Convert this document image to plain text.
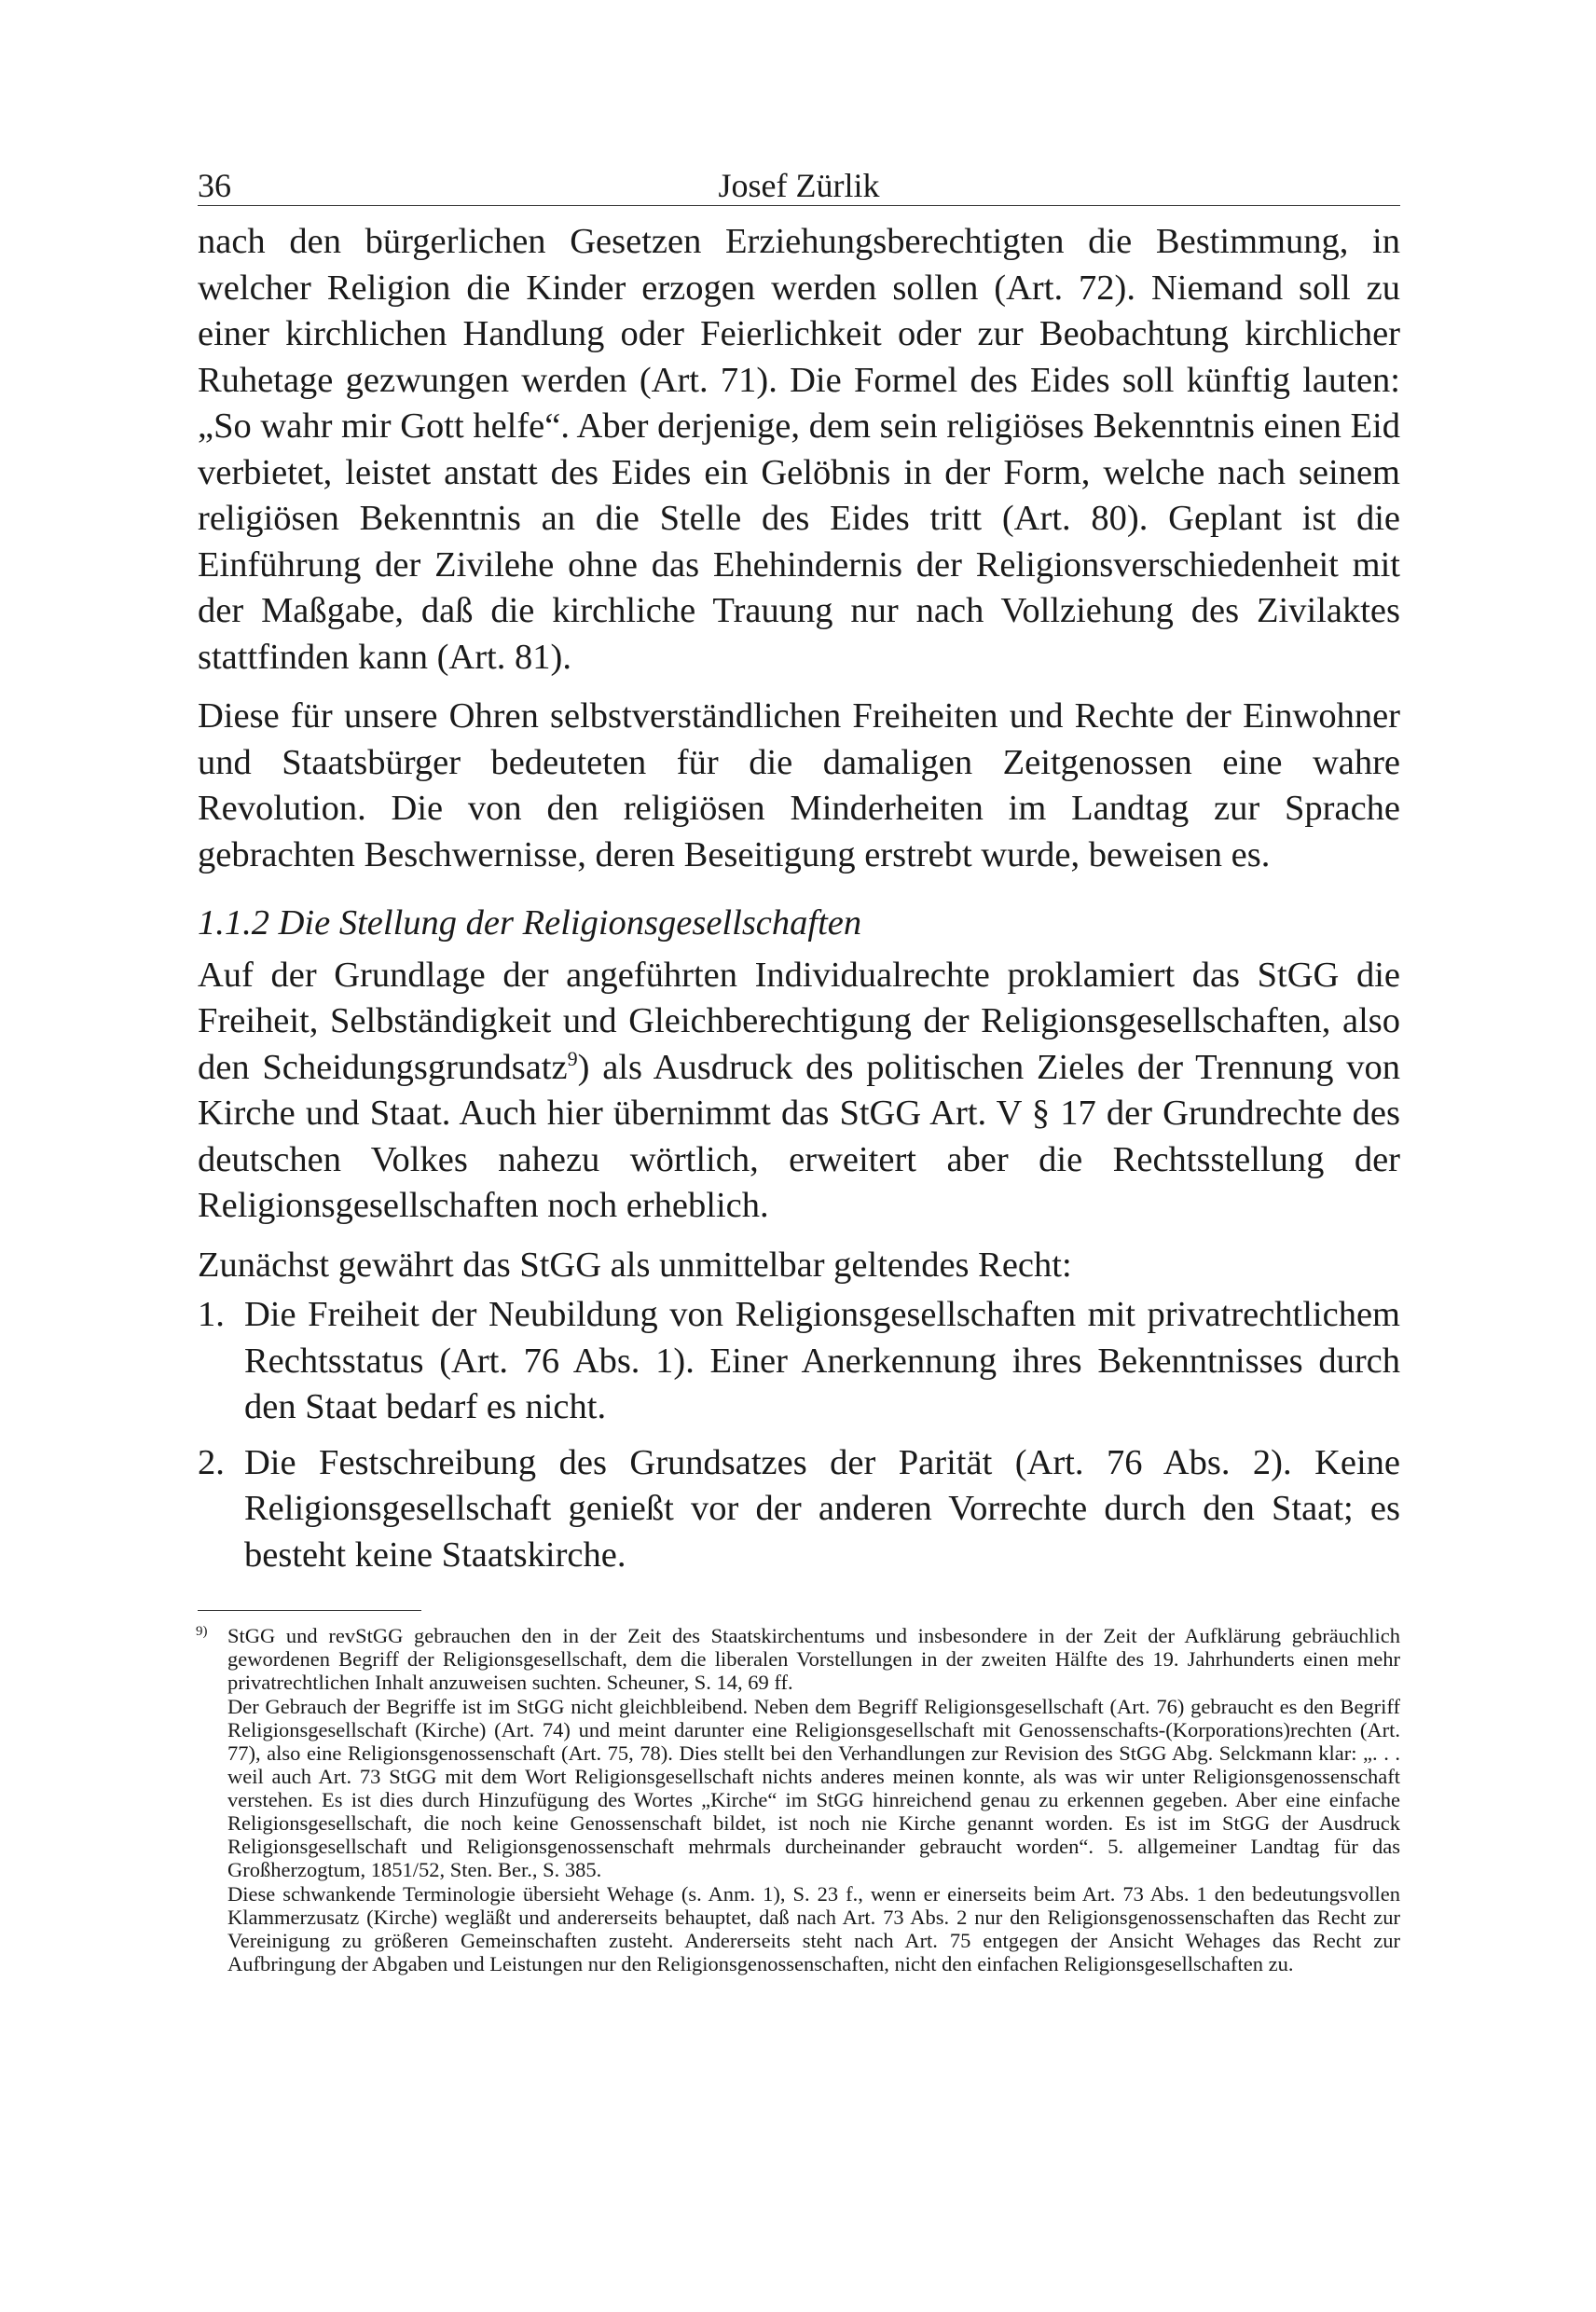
36	Josef Zürlik

nach den bürgerlichen Gesetzen Erziehungsberechtigten die Bestimmung, in welcher Religion die Kinder erzogen werden sollen (Art. 72). Niemand soll zu einer kirchlichen Handlung oder Feierlichkeit oder zur Beobachtung kirchlicher Ruhetage gezwungen werden (Art. 71). Die Formel des Eides soll künftig lauten: „So wahr mir Gott helfe“. Aber derjenige, dem sein religiöses Bekenntnis einen Eid verbietet, leistet anstatt des Eides ein Gelöbnis in der Form, welche nach seinem religiösen Bekenntnis an die Stelle des Eides tritt (Art. 80). Geplant ist die Einführung der Zivilehe ohne das Ehehindernis der Religionsverschiedenheit mit der Maßgabe, daß die kirchliche Trauung nur nach Vollziehung des Zivilaktes stattfinden kann (Art. 81).

Diese für unsere Ohren selbstverständlichen Freiheiten und Rechte der Einwohner und Staatsbürger bedeuteten für die damaligen Zeitgenossen eine wahre Revolution. Die von den religiösen Minderheiten im Landtag zur Sprache gebrachten Beschwernisse, deren Beseitigung erstrebt wurde, beweisen es.

1.1.2 Die Stellung der Religionsgesellschaften

Auf der Grundlage der angeführten Individualrechte proklamiert das StGG die Freiheit, Selbständigkeit und Gleichberechtigung der Religionsgesellschaften, also den Scheidungsgrundsatz$^9$) als Ausdruck des politischen Zieles der Trennung von Kirche und Staat. Auch hier übernimmt das StGG Art. V § 17 der Grundrechte des deutschen Volkes nahezu wörtlich, erweitert aber die Rechtsstellung der Religionsgesellschaften noch erheblich.

Zunächst gewährt das StGG als unmittelbar geltendes Recht:

1. Die Freiheit der Neubildung von Religionsgesellschaften mit privatrechtlichem Rechtsstatus (Art. 76 Abs. 1). Einer Anerkennung ihres Bekenntnisses durch den Staat bedarf es nicht.
2. Die Festschreibung des Grundsatzes der Parität (Art. 76 Abs. 2). Keine Religionsgesellschaft genießt vor der anderen Vorrechte durch den Staat; es besteht keine Staatskirche.
9) StGG und revStGG gebrauchen den in der Zeit des Staatskirchentums und insbesondere in der Zeit der Aufklärung gebräuchlich gewordenen Begriff der Religionsgesellschaft, dem die liberalen Vorstellungen in der zweiten Hälfte des 19. Jahrhunderts einen mehr privatrechtlichen Inhalt anzuweisen suchten. Scheuner, S. 14, 69 ff.

Der Gebrauch der Begriffe ist im StGG nicht gleichbleibend. Neben dem Begriff Religionsgesellschaft (Art. 76) gebraucht es den Begriff Religionsgesellschaft (Kirche) (Art. 74) und meint darunter eine Religionsgesellschaft mit Genossenschafts-(Korporations)rechten (Art. 77), also eine Religionsgenossenschaft (Art. 75, 78). Dies stellt bei den Verhandlungen zur Revision des StGG Abg. Selckmann klar: „. . . weil auch Art. 73 StGG mit dem Wort Religionsgesellschaft nichts anderes meinen konnte, als was wir unter Religionsgenossenschaft verstehen. Es ist dies durch Hinzufügung des Wortes „Kirche“ im StGG hinreichend genau zu erkennen gegeben. Aber eine einfache Religionsgesellschaft, die noch keine Genossenschaft bildet, ist noch nie Kirche genannt worden. Es ist im StGG der Ausdruck Religionsgesellschaft und Religionsgenossenschaft mehrmals durcheinander gebraucht worden“. 5. allgemeiner Landtag für das Großherzogtum, 1851/52, Sten. Ber., S. 385.

Diese schwankende Terminologie übersieht Wehage (s. Anm. 1), S. 23 f., wenn er einerseits beim Art. 73 Abs. 1 den bedeutungsvollen Klammerzusatz (Kirche) wegläßt und andererseits behauptet, daß nach Art. 73 Abs. 2 nur den Religionsgenossenschaften das Recht zur Vereinigung zu größeren Gemeinschaften zusteht. Andererseits steht nach Art. 75 entgegen der Ansicht Wehages das Recht zur Aufbringung der Abgaben und Leistungen nur den Religionsgenossenschaften, nicht den einfachen Religionsgesellschaften zu.
